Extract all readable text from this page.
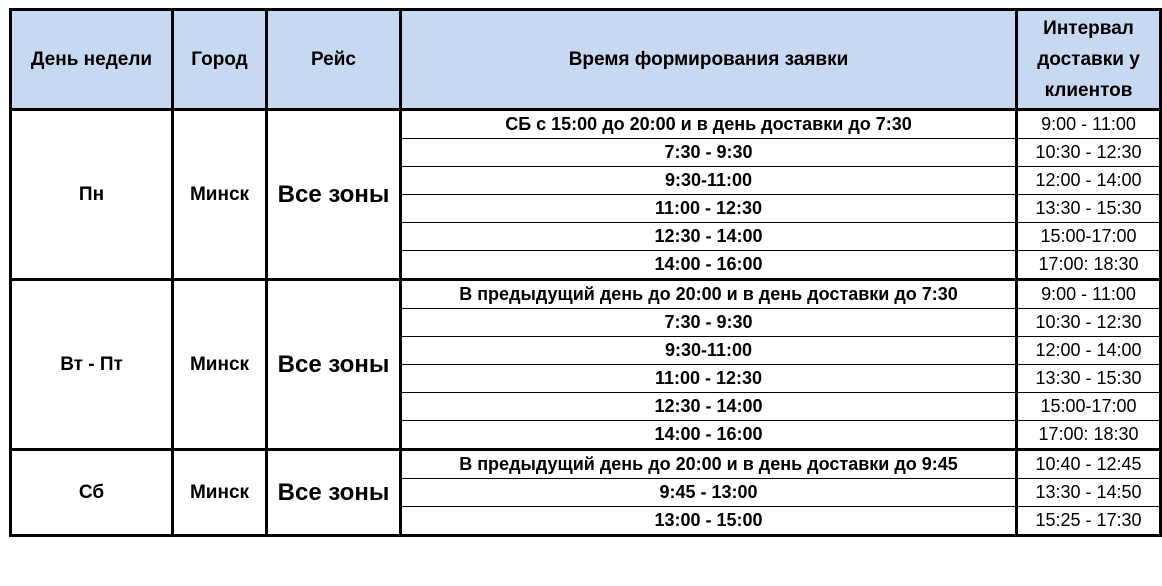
День недели	Город	Рейс	Время формирования заявки	Интервал доставки у клиентов
Пн	Минск	Все зоны	СБ с 15:00 до 20:00 и в день доставки до 7:30	9:00 - 11:00
			7:30 - 9:30	10:30 - 12:30
			9:30-11:00	12:00 - 14:00
			11:00 - 12:30	13:30 - 15:30
			12:30 - 14:00	15:00-17:00
			14:00 - 16:00	17:00: 18:30
Вт - Пт	Минск	Все зоны	В предыдущий день до 20:00 и в день доставки до 7:30	9:00 - 11:00
			7:30 - 9:30	10:30 - 12:30
			9:30-11:00	12:00 - 14:00
			11:00 - 12:30	13:30 - 15:30
			12:30 - 14:00	15:00-17:00
			14:00 - 16:00	17:00: 18:30
Сб	Минск	Все зоны	В предыдущий день до 20:00 и в день доставки до 9:45	10:40 - 12:45
			9:45 - 13:00	13:30 - 14:50
			13:00 - 15:00	15:25 - 17:30
